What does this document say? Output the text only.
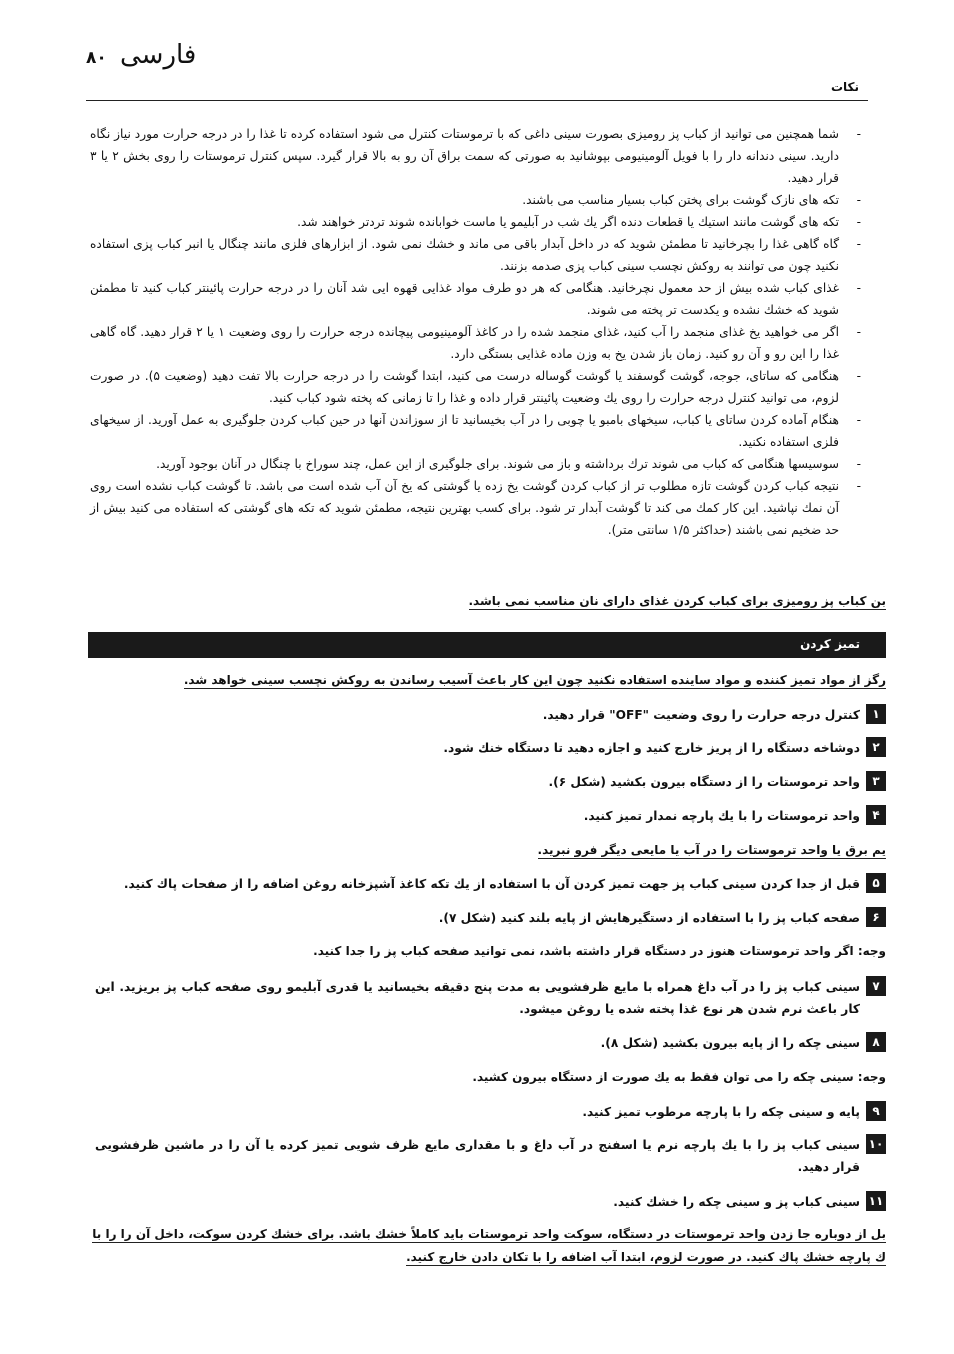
۸۰ فارسی
نکات
-
شما همچنین می توانید از کباب پز رومیزی بصورت سینی داغی که با ترموستات کنترل می شود استفاده کرده تا غذا را در درجه حرارت مورد نیاز نگاه دارید. سینی دندانه دار را با فویل آلومینیومی بپوشانید به صورتی که سمت براق آن رو به بالا قرار گیرد. سپس کنترل ترموستات را روی بخش ۲ یا ۳ قرار دهید.
-
تکه های نازک گوشت برای پختن کباب بسیار مناسب می باشند.
-
تکه های گوشت مانند استیك یا قطعات دنده اگر یك شب در آبلیمو یا ماست خوابانده شوند تردتر خواهند شد.
-
گاه گاهی غذا را بچرخانید تا مطمئن شوید که در داخل آبدار باقی می ماند و خشك نمی شود. از ابزارهای فلزی مانند چنگال یا انبر کباب پزی استفاده نکنید چون می توانند به روکش نچسب سینی کباب پزی صدمه بزنند.
-
غذای کباب شده بیش از حد معمول نچرخانید. هنگامی که هر دو طرف مواد غذایی قهوه ایی شد آنان را در درجه حرارت پائینتر کباب کنید تا مطمئن شوید که خشك نشده و یکدست تر پخته می شوند.
-
اگر می خواهید یخ غذای منجمد را آب کنید، غذای منجمد شده را در کاغذ آلومینیومی پیچانده درجه حرارت را روی وضعیت ۱ یا ۲ قرار دهید. گاه گاهی غذا را این رو و آن رو کنید. زمان باز شدن یخ به وزن ماده غذایی بستگی دارد.
-
هنگامی که ساتای، جوجه، گوشت گوسفند یا گوشت گوساله درست می کنید، ابتدا گوشت را در درجه حرارت بالا تفت دهید (وضعیت ۵). در صورت لزوم، می توانید کنترل درجه حرارت را روی یك وضعیت پائینتر قرار داده و غذا را تا زمانی که پخته شود کباب کنید.
-
هنگام آماده کردن ساتای یا کباب، سیخهای بامبو یا چوبی را در آب بخیسانید تا از سوزاندن آنها در حین کباب کردن جلوگیری به عمل آورید. از سیخهای فلزی استفاده نکنید.
-
سوسیسها هنگامی که کباب می شوند ترك برداشته و باز می شوند. برای جلوگیری از این عمل، چند سوراخ با چنگال در آنان بوجود آورید.
-
نتیجه کباب کردن گوشت تازه مطلوب تر از کباب کردن گوشت یخ زده یا گوشتی که یخ آن آب شده است می باشد. تا گوشت کباب نشده است روی آن نمك نپاشید. این کار کمك می کند تا گوشت آبدار تر شود. برای کسب بهترین نتیجه، مطمئن شوید که تکه های گوشتی که استفاده می کنید بیش از حد ضخیم نمی باشند (حداکثر ۱/۵ سانتی متر).
بن کباب پز رومیزی برای کباب کردن غذای دارای نان مناسب نمی باشد.
تمیز کردن
رگز از مواد تمیز کننده و مواد ساینده استفاده نکنید چون این کار باعث آسیب رساندن به روکش نچسب سینی خواهد شد.
۱
کنترل درجه حرارت را روی وضعیت "OFF" قرار دهید.
۲
دوشاخه دستگاه را از پریز خارج کنید و اجازه دهید تا دستگاه خنك شود.
۳
واحد ترموستات را از دستگاه بیرون بکشید (شکل ۶).
۴
واحد ترموستات را با یك پارچه نمدار تمیز کنید.
یم برق یا واحد ترموستات را در آب یا مایعی دیگر فرو نبرید.
۵
قبل از جدا کردن سینی کباب پز جهت تمیز کردن آن با استفاده از یك تکه کاغذ آشپزخانه روغن اضافه را از صفحات پاك کنید.
۶
صفحه کباب پز را با استفاده از دستگیرهایش از پایه بلند کنید (شکل ۷).
وجه: اگر واحد ترموستات هنوز در دستگاه قرار داشته باشد، نمی توانید صفحه کباب پز را جدا کنید.
۷
سینی کباب پز را در آب داغ همراه با مایع ظرفشویی به مدت پنج دقیقه بخیسانید یا قدری آبلیمو روی صفحه کباب پز بریزید. این کار باعث نرم شدن هر نوع غذا پخته شده یا روغن میشود.
۸
سینی چکه را از پایه بیرون بکشید (شکل ۸).
وجه: سینی چکه را می توان فقط به یك صورت از دستگاه بیرون کشید.
۹
پایه و سینی چکه را با پارچه مرطوب تمیز کنید.
۱۰
سینی کباب پز را با یك پارچه نرم یا اسفنج در آب داغ و با مقداری مایع ظرف شویی تمیز کرده یا آن را در ماشین ظرفشویی قرار دهید.
۱۱
سینی کباب پز و سینی چکه را خشك کنید.
بل از دوباره جا زدن واحد ترموستات در دستگاه، سوکت واحد ترموستات باید کاملاً خشك باشد. برای خشك کردن سوکت، داخل آن را را با
ك پارچه خشك پاك کنید. در صورت لزوم، ابتدا آب اضافه را با تکان دادن خارج کنید.
